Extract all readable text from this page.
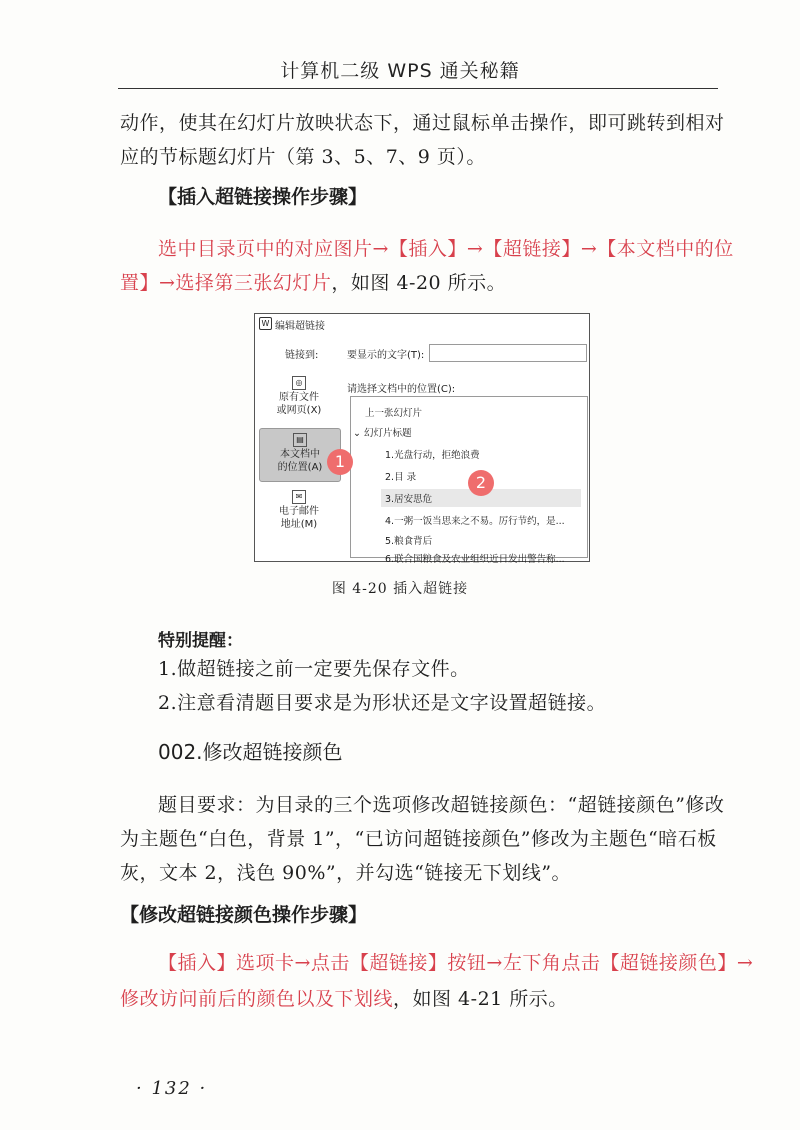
计算机二级 WPS 通关秘籍
动作，使其在幻灯片放映状态下，通过鼠标单击操作，即可跳转到相对
应的节标题幻灯片（第 3、5、7、9 页）。
【插入超链接操作步骤】
选中目录页中的对应图片→【插入】→【超链接】→【本文档中的位
置】→选择第三张幻灯片，如图 4-20 所示。
W 编辑超链接
链接到:	要显示的文字(T):
请选择文档中的位置(C):
◎
原有文件
或网页(X)
▤
本文档中
的位置(A)
✉
电子邮件
地址(M)
上一张幻灯片
⌄ 幻灯片标题
1.光盘行动，拒绝浪费
2.目 录
3.居安思危
4.一粥一饭当思来之不易。厉行节约，是...
5.粮食背后
6.联合国粮食及农业组织近日发出警告称...
1
2
图 4-20 插入超链接
特别提醒：
1.做超链接之前一定要先保存文件。
2.注意看清题目要求是为形状还是文字设置超链接。
002.修改超链接颜色
题目要求：为目录的三个选项修改超链接颜色：“超链接颜色”修改
为主题色“白色，背景 1”，“已访问超链接颜色”修改为主题色“暗石板
灰，文本 2，浅色 90%”，并勾选“链接无下划线”。
【修改超链接颜色操作步骤】
【插入】选项卡→点击【超链接】按钮→左下角点击【超链接颜色】→
修改访问前后的颜色以及下划线，如图 4-21 所示。
· 132 ·
